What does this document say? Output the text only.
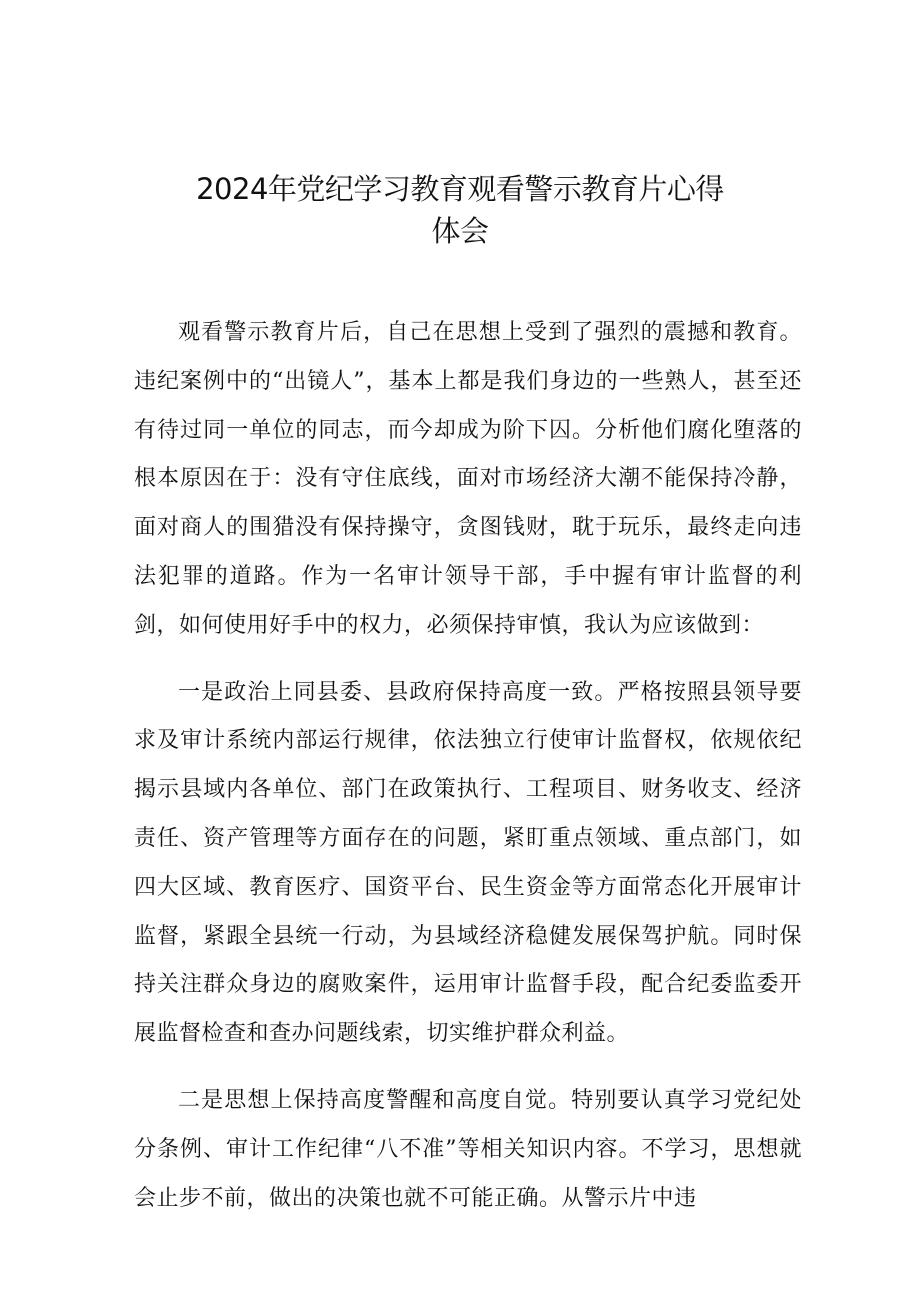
2024年党纪学习教育观看警示教育片心得
体会

观看警示教育片后，自己在思想上受到了强烈的震撼和教育。违纪案例中的“出镜人”，基本上都是我们身边的一些熟人，甚至还有待过同一单位的同志，而今却成为阶下囚。分析他们腐化堕落的根本原因在于：没有守住底线，面对市场经济大潮不能保持冷静，面对商人的围猎没有保持操守，贪图钱财，耽于玩乐，最终走向违法犯罪的道路。作为一名审计领导干部，手中握有审计监督的利剑，如何使用好手中的权力，必须保持审慎，我认为应该做到：

一是政治上同县委、县政府保持高度一致。严格按照县领导要求及审计系统内部运行规律，依法独立行使审计监督权，依规依纪揭示县域内各单位、部门在政策执行、工程项目、财务收支、经济责任、资产管理等方面存在的问题，紧盯重点领域、重点部门，如四大区域、教育医疗、国资平台、民生资金等方面常态化开展审计监督，紧跟全县统一行动，为县域经济稳健发展保驾护航。同时保持关注群众身边的腐败案件，运用审计监督手段，配合纪委监委开展监督检查和查办问题线索，切实维护群众利益。

二是思想上保持高度警醒和高度自觉。特别要认真学习党纪处分条例、审计工作纪律“八不准”等相关知识内容。不学习，思想就会止步不前，做出的决策也就不可能正确。从警示片中违
